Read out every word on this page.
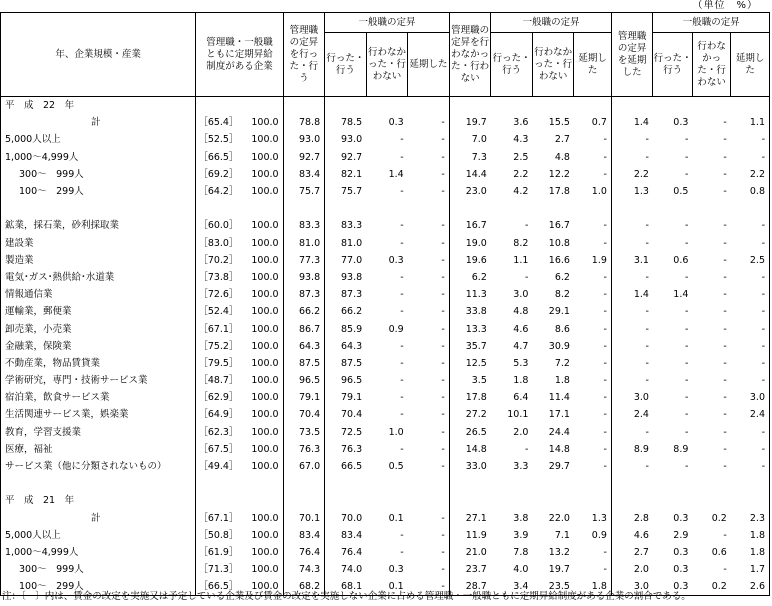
（単位　%）
年、企業規模・産業	管理職・一般職ともに定期昇給制度がある企業		管理職の定昇を行った・行う	一般職の定昇			管理職の定昇を行わなかった・行わない	一般職の定昇			管理職の定昇を延期した	一般職の定昇		
				行った・行う	行わなかった・行わない	延期した		行った・行う	行わなかった・行わない	延期した		行った・行う	行わなかった・行わない	延期した
平　成　22　年														
計	［65.4］	100.0	78.8	78.5	0.3	-	19.7	3.6	15.5	0.7	1.4	0.3	-	1.1
5,000人以上	［52.5］	100.0	93.0	93.0	-	-	7.0	4.3	2.7	-	-	-	-	-
1,000～4,999人	［66.5］	100.0	92.7	92.7	-	-	7.3	2.5	4.8	-	-	-	-	-
300～　999人	［69.2］	100.0	83.4	82.1	1.4	-	14.4	2.2	12.2	-	2.2	-	-	2.2
100～　299人	［64.2］	100.0	75.7	75.7	-	-	23.0	4.2	17.8	1.0	1.3	0.5	-	0.8

鉱業，採石業，砂利採取業	［60.0］	100.0	83.3	83.3	-	-	16.7	-	16.7	-	-	-	-	-
建設業	［83.0］	100.0	81.0	81.0	-	-	19.0	8.2	10.8	-	-	-	-	-
製造業	［70.2］	100.0	77.3	77.0	0.3	-	19.6	1.1	16.6	1.9	3.1	0.6	-	2.5
電気･ガス･熱供給･水道業	［73.8］	100.0	93.8	93.8	-	-	6.2	-	6.2	-	-	-	-	-
情報通信業	［72.6］	100.0	87.3	87.3	-	-	11.3	3.0	8.2	-	1.4	1.4	-	-
運輸業，郵便業	［52.4］	100.0	66.2	66.2	-	-	33.8	4.8	29.1	-	-	-	-	-
卸売業，小売業	［67.1］	100.0	86.7	85.9	0.9	-	13.3	4.6	8.6	-	-	-	-	-
金融業，保険業	［75.2］	100.0	64.3	64.3	-	-	35.7	4.7	30.9	-	-	-	-	-
不動産業，物品賃貸業	［79.5］	100.0	87.5	87.5	-	-	12.5	5.3	7.2	-	-	-	-	-
学術研究，専門・技術サービス業	［48.7］	100.0	96.5	96.5	-	-	3.5	1.8	1.8	-	-	-	-	-
宿泊業，飲食サービス業	［62.9］	100.0	79.1	79.1	-	-	17.8	6.4	11.4	-	3.0	-	-	3.0
生活関連サービス業，娯楽業	［64.9］	100.0	70.4	70.4	-	-	27.2	10.1	17.1	-	2.4	-	-	2.4
教育，学習支援業	［62.3］	100.0	73.5	72.5	1.0	-	26.5	2.0	24.4	-	-	-	-	-
医療，福祉	［67.5］	100.0	76.3	76.3	-	-	14.8	-	14.8	-	8.9	8.9	-	-
サービス業（他に分類されないもの）	［49.4］	100.0	67.0	66.5	0.5	-	33.0	3.3	29.7	-	-	-	-	-

平　成　21　年														
計	［67.1］	100.0	70.1	70.0	0.1	-	27.1	3.8	22.0	1.3	2.8	0.3	0.2	2.3
5,000人以上	［50.8］	100.0	83.4	83.4	-	-	11.9	3.9	7.1	0.9	4.6	2.9	-	1.8
1,000～4,999人	［61.9］	100.0	76.4	76.4	-	-	21.0	7.8	13.2	-	2.7	0.3	0.6	1.8
300～　999人	［71.3］	100.0	74.3	74.0	0.3	-	23.7	4.0	19.7	-	2.0	0.3	-	1.7
100～　299人	［66.5］	100.0	68.2	68.1	0.1	-	28.7	3.4	23.5	1.8	3.0	0.3	0.2	2.6
注：〔　〕内は、賃金の改定を実施又は予定している企業及び賃金の改定を実施しない企業に占める管理職・一般職ともに定期昇給制度がある企業の割合である。
